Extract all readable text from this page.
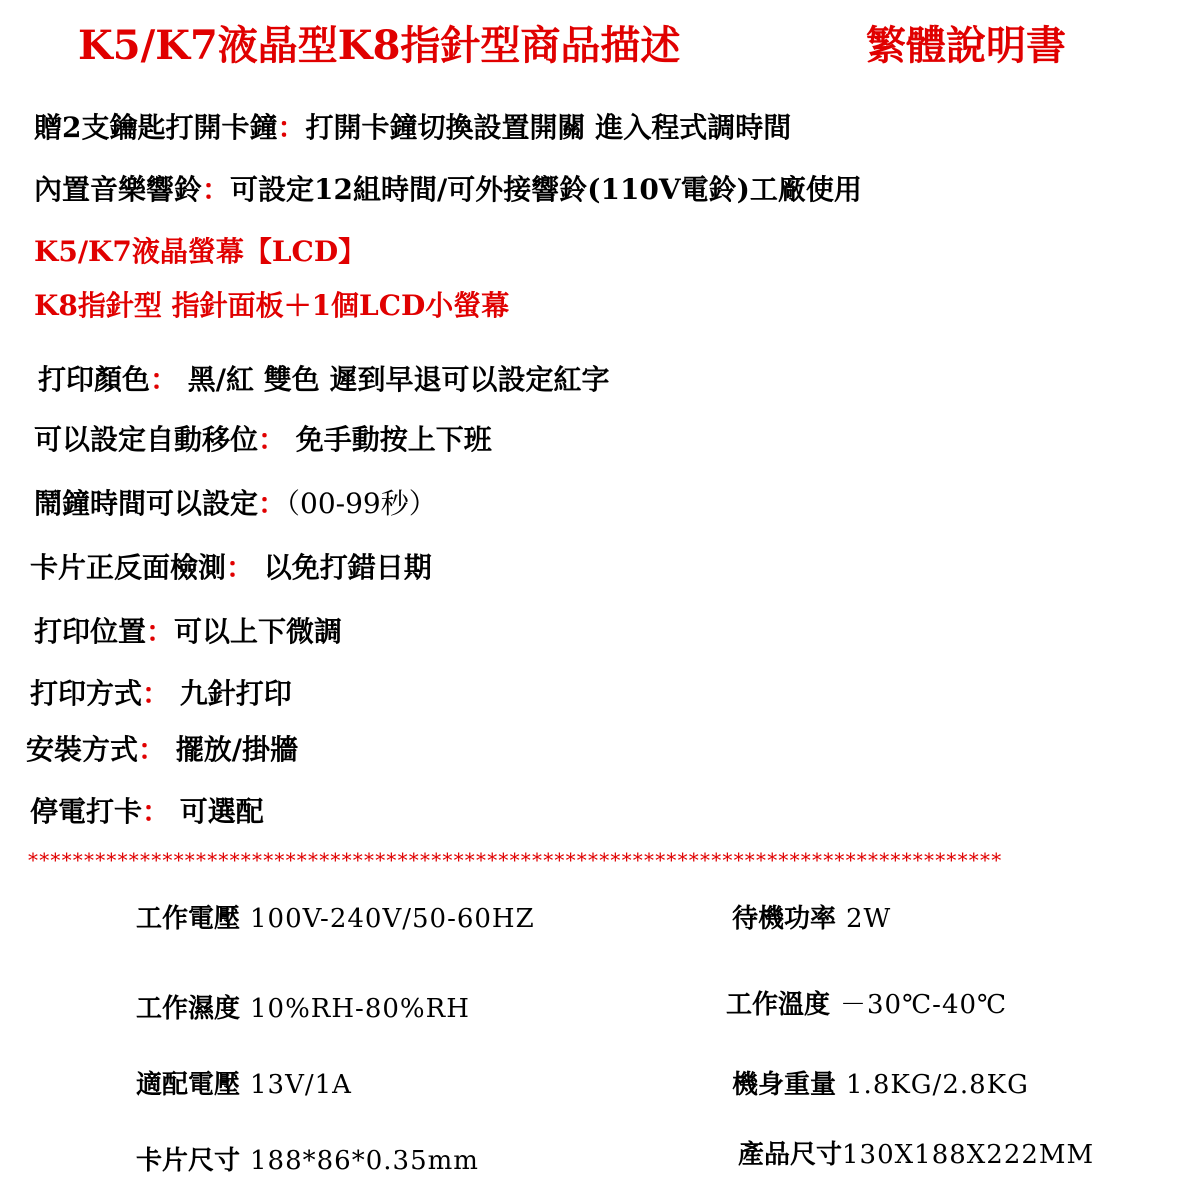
K5/K7液晶型K8指針型商品描述	繁體說明書
贈2支鑰匙打開卡鐘：打開卡鐘切換設置開關 進入程式調時間
內置音樂響鈴：可設定12組時間/可外接響鈴(110V電鈴)工廠使用
K5/K7液晶螢幕【LCD】
K8指針型 指針面板＋1個LCD小螢幕
打印顏色： 黑/紅 雙色 遲到早退可以設定紅字
可以設定自動移位： 免手動按上下班
鬧鐘時間可以設定：（00-99秒）
卡片正反面檢測： 以免打錯日期
打印位置：可以上下微調
打印方式： 九針打印
安裝方式： 擺放/掛牆
停電打卡： 可選配
***************************************************************************************
工作電壓 100V-240V/50-60HZ
工作濕度 10%RH-80%RH
適配電壓 13V/1A
卡片尺寸 188*86*0.35mm
待機功率 2W
工作溫度 －30℃-40℃
機身重量 1.8KG/2.8KG
產品尺寸130X188X222MM
